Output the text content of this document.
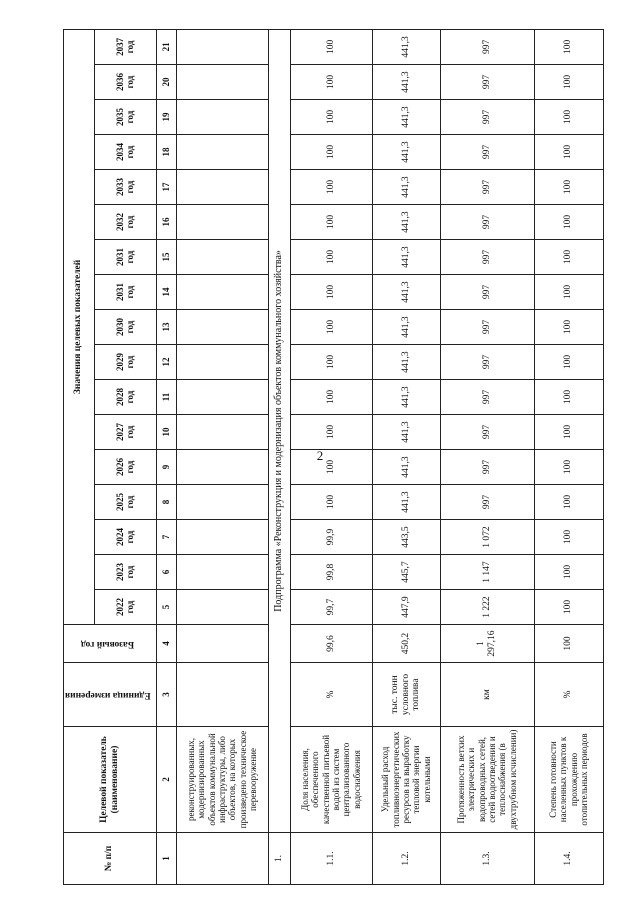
2
№ п/п	Целевой показатель (наименование)	Единица измерения	Базовый год	Значения целевых показателей																
				2022 год	2023 год	2024 год	2025 год	2026 год	2027 год	2028 год	2029 год	2030 год	2031 год	2031 год	2032 год	2033 год	2034 год	2035 год	2036 год	2037 год
1	2	3	4	5	6	7	8	9	10	11	12	13	14	15	16	17	18	19	20	21
	реконструированных, модернизированных объектов коммунальной инфраструктуры, либо объектов, на которых произведено техническое перевооружение																			
1.	Подпрограмма «Реконструкция и модернизация объектов коммунального хозяйства»																			
1.1.	Доля населения, обеспеченного качественной питьевой водой из систем централизованного водоснабжения	%	99,6	99,7	99,8	99,9	100	100	100	100	100	100	100	100	100	100	100	100	100	100
1.2.	Удельный расход топливноэнергетических ресурсов на выработку тепловой энергии котельными	тыс. тонн условного топлива	450,2	447,9	445,7	443,5	441,3	441,3	441,3	441,3	441,3	441,3	441,3	441,3	441,3	441,3	441,3	441,3	441,3	441,3
1.3.	Протяженность ветхих электрических и водопроводных сетей, сетей водоотведения и теплоснабжения (в двухтрубном исчислении)	км	1 297,16	1 222	1 147	1 072	997	997	997	997	997	997	997	997	997	997	997	997	997	997
1.4.	Степень готовности населенных пунктов к прохождению отопительных периодов	%	100	100	100	100	100	100	100	100	100	100	100	100	100	100	100	100	100	100
